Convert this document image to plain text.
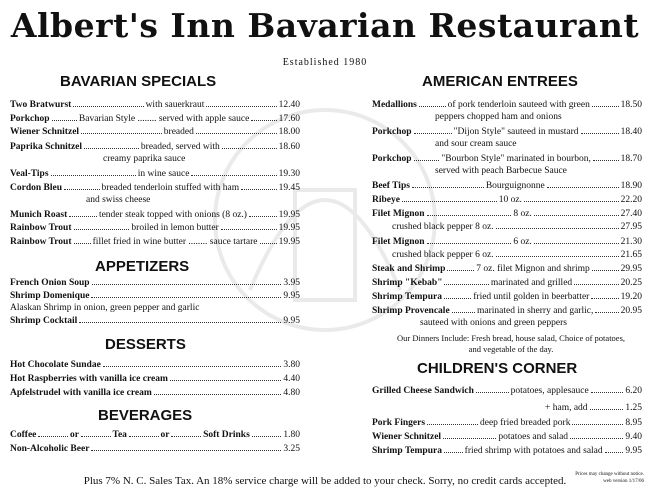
Albert's Inn Bavarian Restaurant
Established 1980
BAVARIAN SPECIALS
Two Bratwurst	with sauerkraut	12.40
Porkchop	Bavarian Style ........ served with apple sauce	17.60
Wiener Schnitzel	breaded	18.00
Paprika Schnitzel	breaded, served with	18.60
creamy paprika sauce
Veal-Tips	in wine sauce	19.30
Cordon Bleu	breaded tenderloin stuffed with ham	19.45
and swiss cheese
Munich Roast	tender steak topped with onions (8 oz.)	19.95
Rainbow Trout	broiled in lemon butter	19.95
Rainbow Trout fillet fried in wine butter ........ sauce tartare 19.95
APPETIZERS
French Onion Soup	3.95
Shrimp Domenique	9.95
Alaskan Shrimp in onion, green pepper and garlic
Shrimp Cocktail	9.95
DESSERTS
Hot Chocolate Sundae	3.80
Hot Raspberries with vanilla ice cream	4.40
Apfelstrudel with vanilla ice cream	4.80
BEVERAGES
Coffee	or	Tea	or	Soft Drinks	1.80
Non-Alcoholic Beer	3.25
AMERICAN ENTREES
Medallions	of pork tenderloin sauteed with green	18.50
peppers chopped ham and onions
Porkchop	"Dijon Style" sauteed in mustard	18.40
and sour cream sauce
Porkchop	"Bourbon Style" marinated in bourbon,	18.70
served with peach Barbecue Sauce
Beef Tips	Bourguignonne	18.90
Ribeye	10 oz.	22.20
Filet Mignon	8 oz.	27.40
crushed black pepper 8 oz.	27.95
Filet Mignon	6 oz.	21.30
crushed black pepper 6 oz.	21.65
Steak and Shrimp	7 oz. filet Mignon and shrimp	29.95
Shrimp "Kebab"	marinated and grilled	20.25
Shrimp Tempura	fried until golden in beerbatter	19.20
Shrimp Provencale	marinated in sherry and garlic,	20.95
sauteed with onions and green peppers
Our Dinners Include: Fresh bread, house salad, Choice of potatoes,
and vegetable of the day.
CHILDREN'S CORNER
Grilled Cheese Sandwich	potatoes, applesauce	6.20
+ ham, add	1.25
Pork Fingers	deep fried breaded pork	8.95
Wiener Schnitzel	potatoes and salad	9.40
Shrimp Tempura fried shrimp with potatoes and salad 9.95
Prices may change without notice.
web version 1/17/06
Plus 7% N. C. Sales Tax. An 18% service charge will be added to your check. Sorry, no credit cards accepted.
